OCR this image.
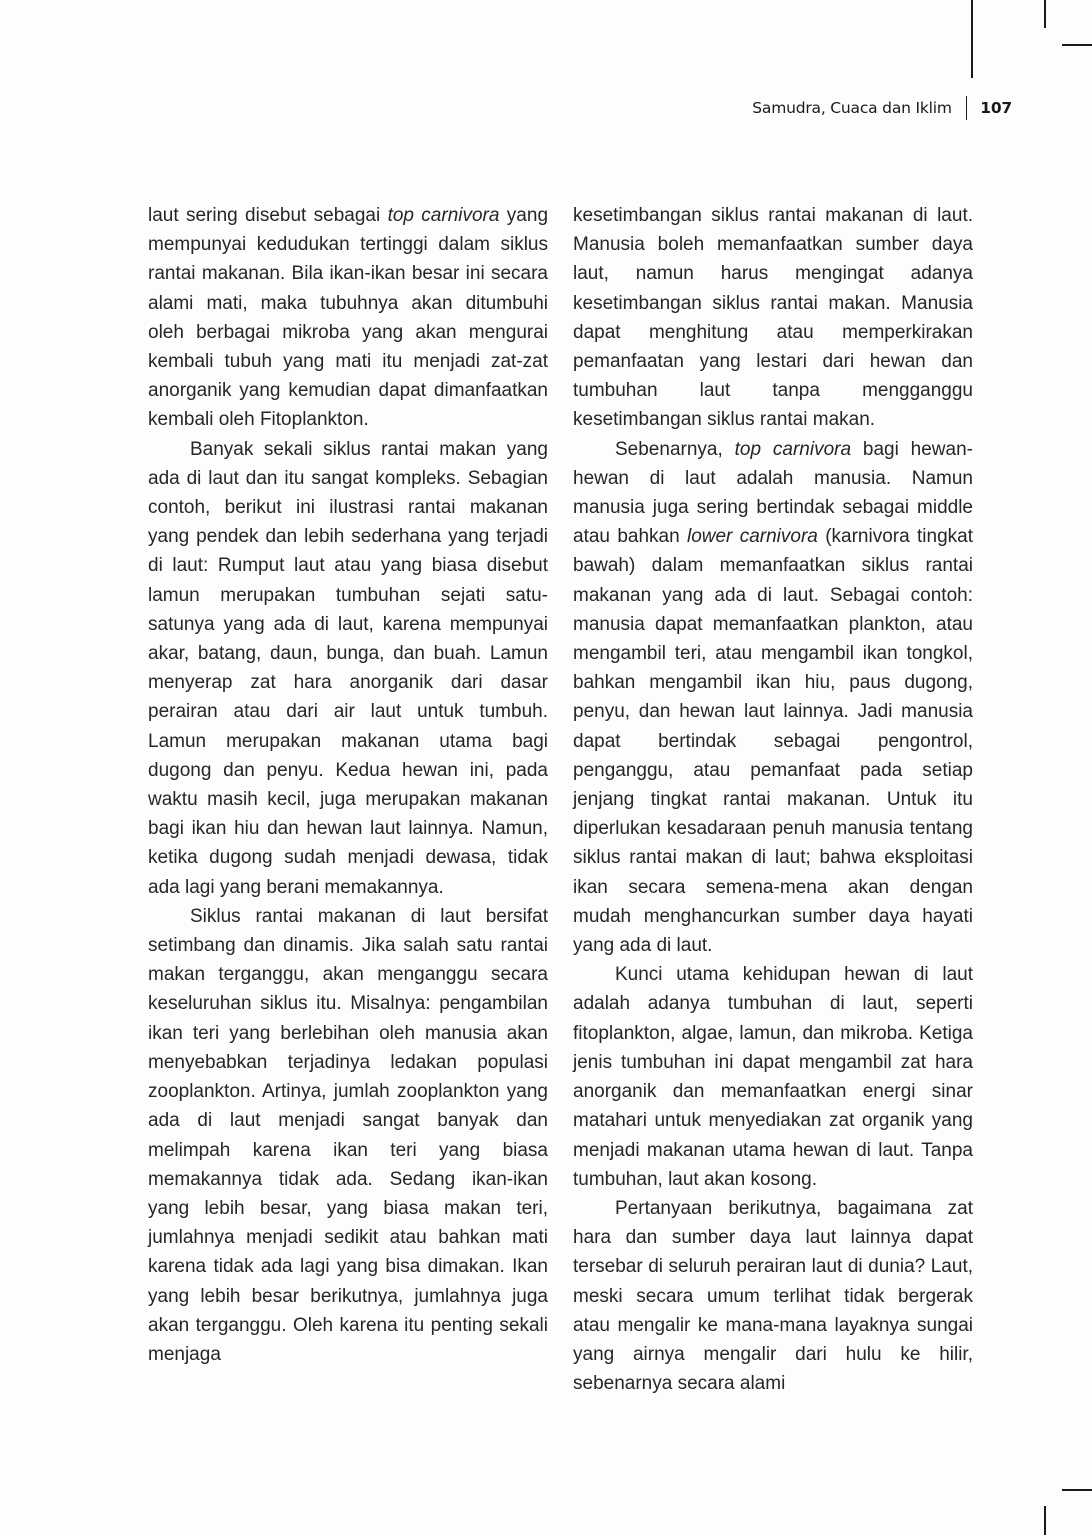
Samudra, Cuaca dan Iklim	107

laut sering disebut sebagai top carnivora yang mempunyai kedudukan tertinggi dalam siklus rantai makanan. Bila ikan-ikan besar ini secara alami mati, maka tubuhnya akan ditumbuhi oleh berbagai mikroba yang akan mengurai kembali tubuh yang mati itu menjadi zat-zat anorganik yang kemudian dapat dimanfaatkan kembali oleh Fitoplankton.

Banyak sekali siklus rantai makan yang ada di laut dan itu sangat kompleks. Sebagian contoh, berikut ini ilustrasi rantai makanan yang pendek dan lebih sederhana yang terjadi di laut: Rumput laut atau yang biasa disebut lamun merupakan tumbuhan sejati satu-satunya yang ada di laut, karena mempunyai akar, batang, daun, bunga, dan buah. Lamun menyerap zat hara anorganik dari dasar perairan atau dari air laut untuk tumbuh. Lamun merupakan makanan utama bagi dugong dan penyu. Kedua hewan ini, pada waktu masih kecil, juga merupakan makanan bagi ikan hiu dan hewan laut lainnya. Namun, ketika dugong sudah menjadi dewasa, tidak ada lagi yang berani memakannya.

Siklus rantai makanan di laut bersifat setimbang dan dinamis. Jika salah satu rantai makan terganggu, akan menganggu secara keseluruhan siklus itu. Misalnya: pengambilan ikan teri yang berlebihan oleh manusia akan menyebabkan terjadinya ledakan populasi zooplankton. Artinya, jumlah zooplankton yang ada di laut menjadi sangat banyak dan melimpah karena ikan teri yang biasa memakannya tidak ada. Sedang ikan-ikan yang lebih besar, yang biasa makan teri, jumlahnya menjadi sedikit atau bahkan mati karena tidak ada lagi yang bisa dimakan. Ikan yang lebih besar berikutnya, jumlahnya juga akan terganggu. Oleh karena itu penting sekali menjaga

kesetimbangan siklus rantai makanan di laut. Manusia boleh memanfaatkan sumber daya laut, namun harus mengingat adanya kesetimbangan siklus rantai makan. Manusia dapat menghitung atau memperkirakan pemanfaatan yang lestari dari hewan dan tumbuhan laut tanpa mengganggu kesetimbangan siklus rantai makan.

Sebenarnya, top carnivora bagi hewan-hewan di laut adalah manusia. Namun manusia juga sering bertindak sebagai middle atau bahkan lower carnivora (karnivora tingkat bawah) dalam memanfaatkan siklus rantai makanan yang ada di laut. Sebagai contoh: manusia dapat memanfaatkan plankton, atau mengambil teri, atau mengambil ikan tongkol, bahkan mengambil ikan hiu, paus dugong, penyu, dan hewan laut lainnya. Jadi manusia dapat bertindak sebagai pengontrol, penganggu, atau pemanfaat pada setiap jenjang tingkat rantai makanan. Untuk itu diperlukan kesadaraan penuh manusia tentang siklus rantai makan di laut; bahwa eksploitasi ikan secara semena-mena akan dengan mudah menghancurkan sumber daya hayati yang ada di laut.

Kunci utama kehidupan hewan di laut adalah adanya tumbuhan di laut, seperti fitoplankton, algae, lamun, dan mikroba. Ketiga jenis tumbuhan ini dapat mengambil zat hara anorganik dan memanfaatkan energi sinar matahari untuk menyediakan zat organik yang menjadi makanan utama hewan di laut. Tanpa tumbuhan, laut akan kosong.

Pertanyaan berikutnya, bagaimana zat hara dan sumber daya laut lainnya dapat tersebar di seluruh perairan laut di dunia? Laut, meski secara umum terlihat tidak bergerak atau mengalir ke mana-mana layaknya sungai yang airnya mengalir dari hulu ke hilir, sebenarnya secara alami
